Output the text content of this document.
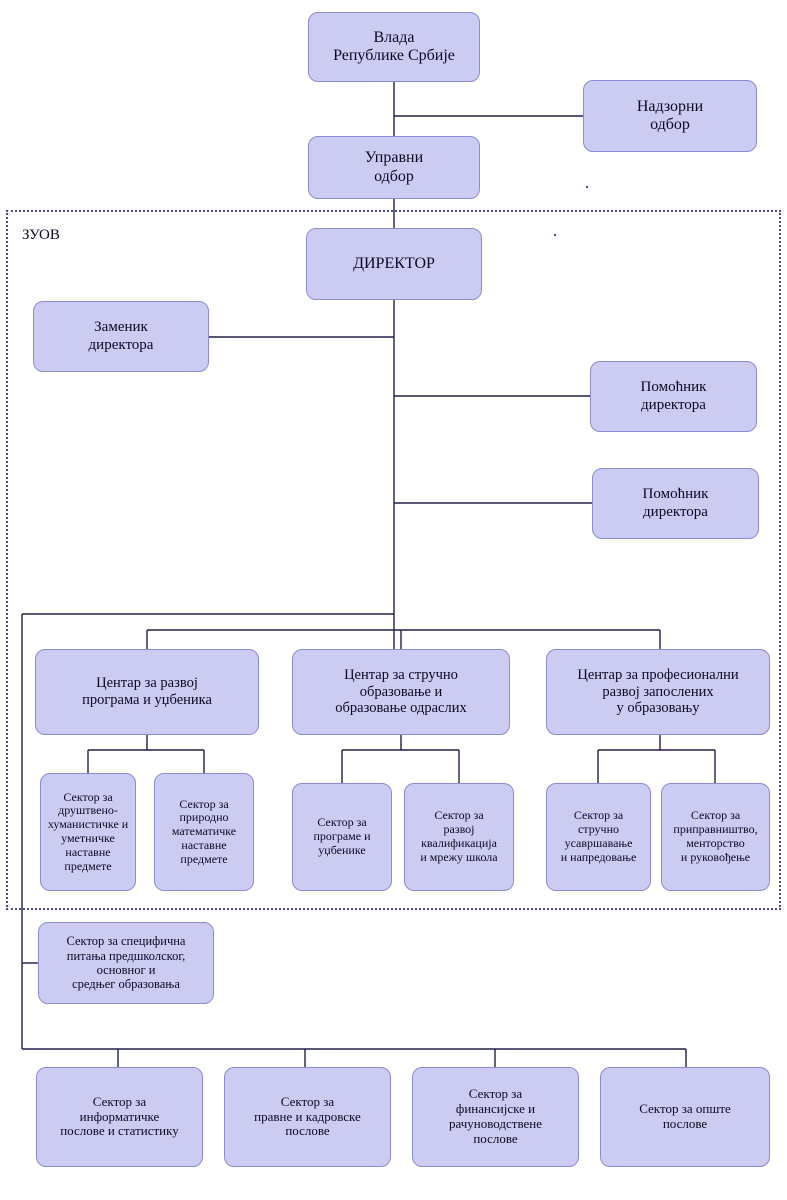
ЗУОВ
Влада
Републике Србије
Надзорни
одбор
Управни
одбор
ДИРЕКТОР
Заменик
директора
Помоћник
директора
Помоћник
директора
Центар за развој
програма и уџбеника
Центар за стручно
образовање и
образовање одраслих
Центар за професионални
развој запослених
у образовању
Сектор за
друштвено-
хуманистичке и
уметничке наставне
предмете
Сектор за
природно
математичке
наставне
предмете
Сектор за
програме и
уџбенике
Сектор за
развој
квалификација
и мрежу школа
Сектор за
стручно
усавршавање
и напредовање
Сектор за
приправништво,
менторство
и руковођење
Сектор за специфична
питања предшколског,
основног и
средњег образовања
Сектор за
информатичке
послове и статистику
Сектор за
правне и кадровске
послове
Сектор за
финансијске и
рачуноводствене
послове
Сектор за опште
послове
